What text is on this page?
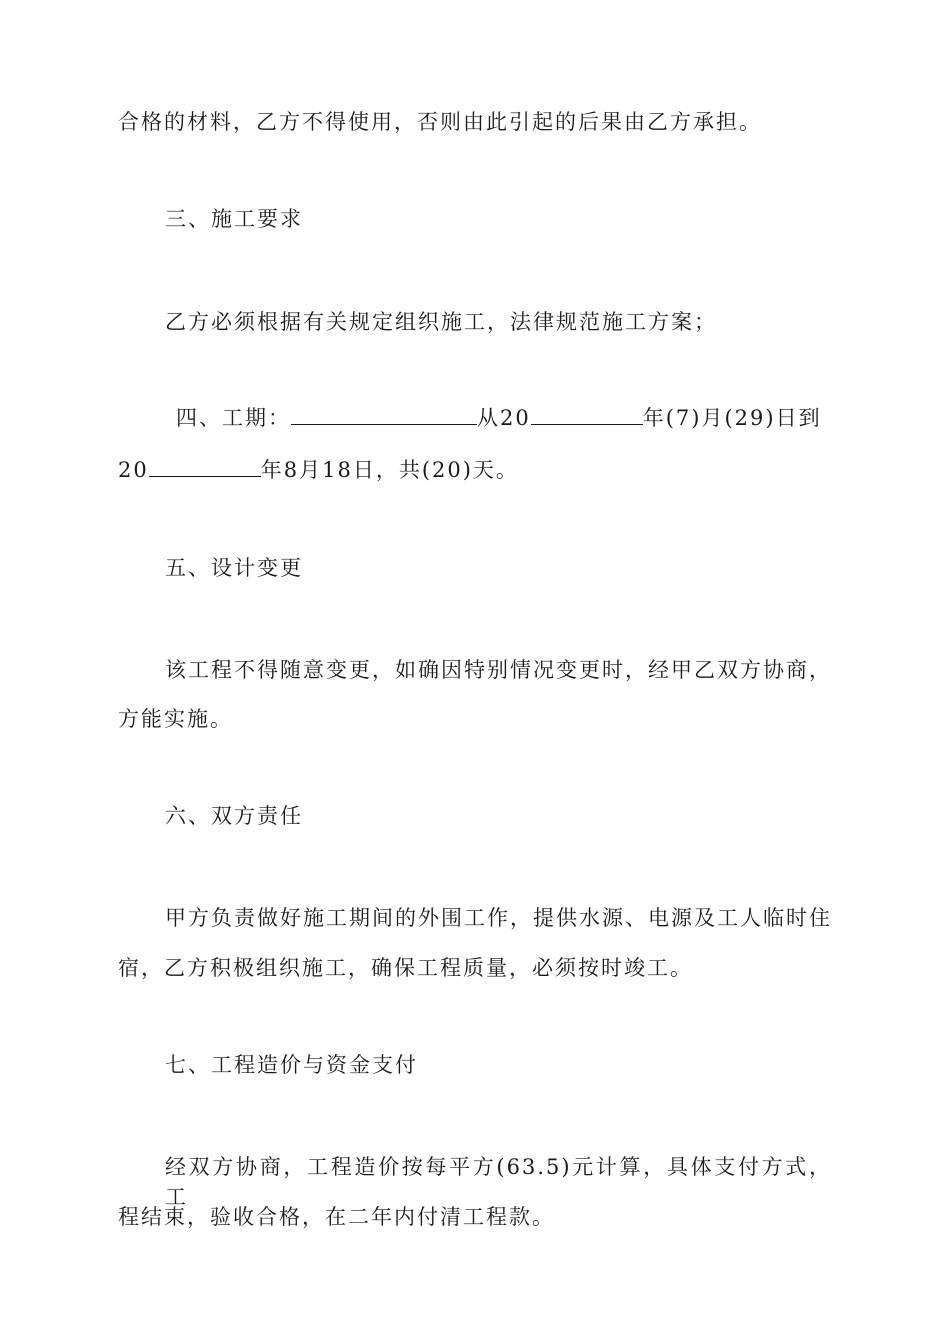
合格的材料，乙方不得使用，否则由此引起的后果由乙方承担。
三、施工要求
乙方必须根据有关规定组织施工，法律规范施工方案；
四、工期：	从20	年(7)月(29)日到
20	年8月18日，共(20)天。
五、设计变更
该工程不得随意变更，如确因特别情况变更时，经甲乙双方协商，
方能实施。
六、双方责任
甲方负责做好施工期间的外围工作，提供水源、电源及工人临时住
宿，乙方积极组织施工，确保工程质量，必须按时竣工。
七、工程造价与资金支付
经双方协商，工程造价按每平方(63.5)元计算，具体支付方式，工
程结束，验收合格，在二年内付清工程款。
